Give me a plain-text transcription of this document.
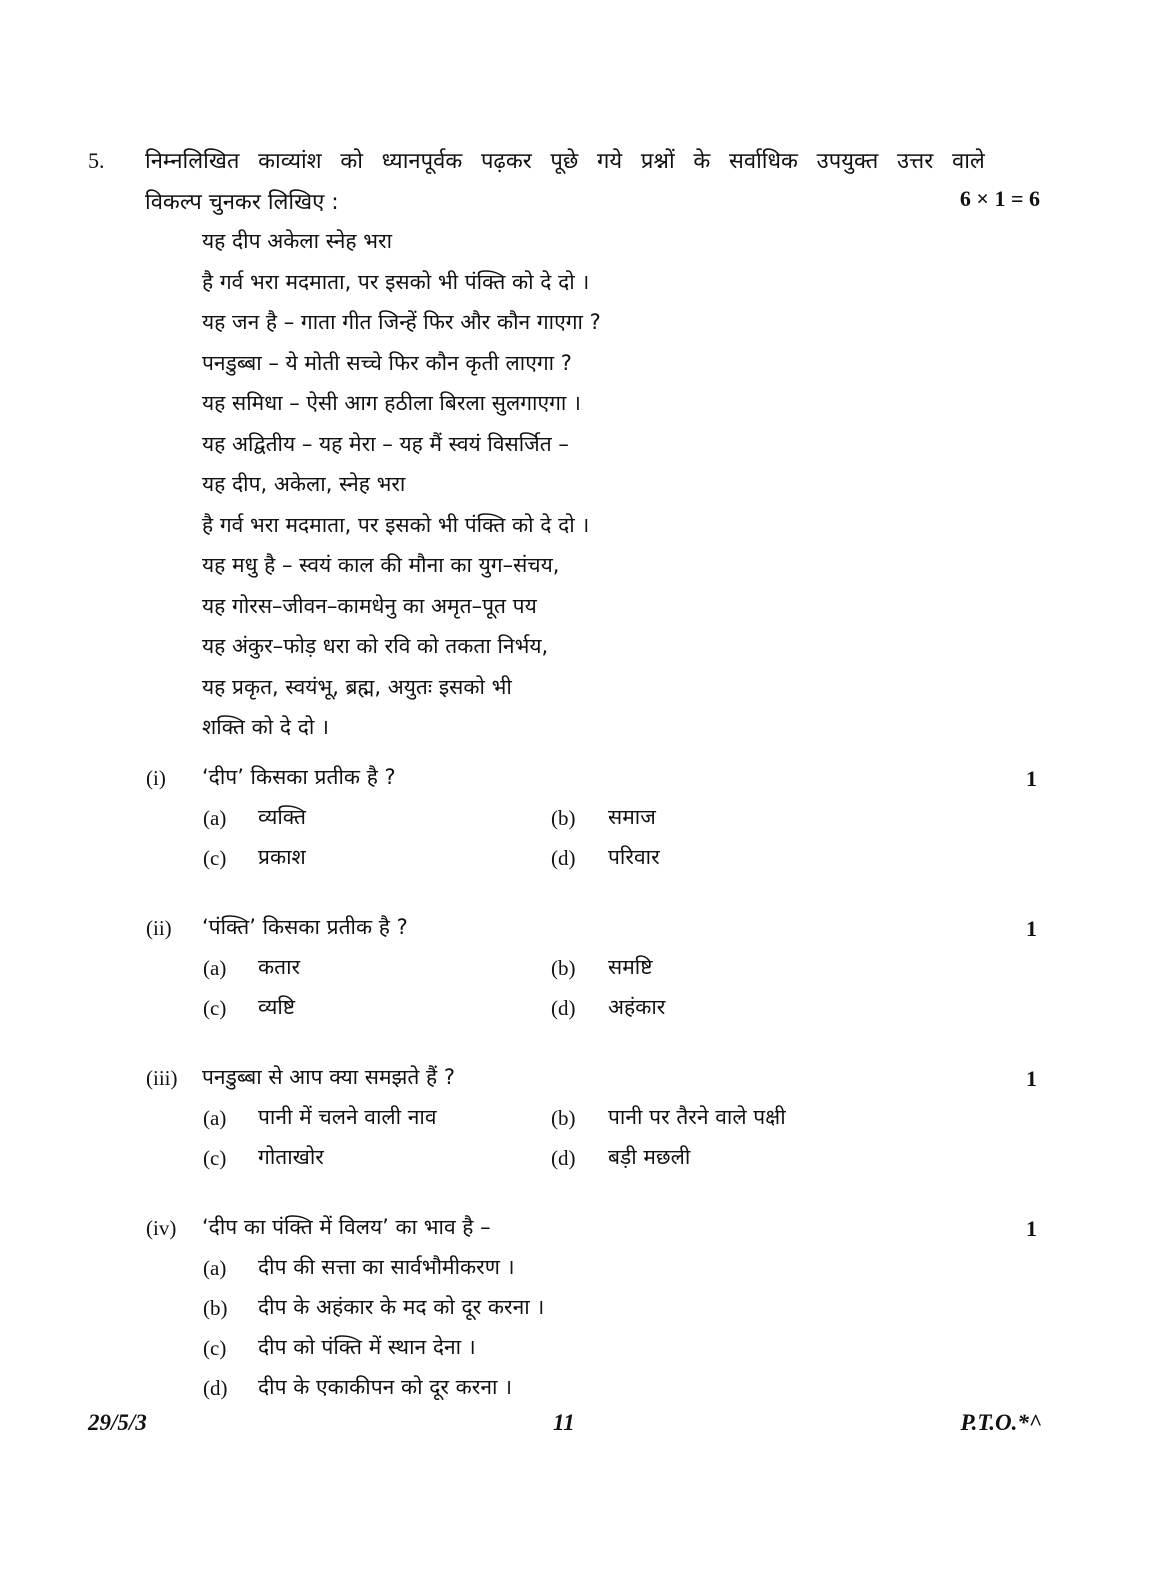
5. निम्नलिखित काव्यांश को ध्यानपूर्वक पढ़कर पूछे गये प्रश्नों के सर्वाधिक उपयुक्त उत्तर वाले
विकल्प चुनकर लिखिए :	6 × 1 = 6
यह दीप अकेला स्नेह भरा
है गर्व भरा मदमाता, पर इसको भी पंक्ति को दे दो ।
यह जन है – गाता गीत जिन्हें फिर और कौन गाएगा ?
पनडुब्बा – ये मोती सच्चे फिर कौन कृती लाएगा ?
यह समिधा – ऐसी आग हठीला बिरला सुलगाएगा ।
यह अद्वितीय – यह मेरा – यह मैं स्वयं विसर्जित –
यह दीप, अकेला, स्नेह भरा
है गर्व भरा मदमाता, पर इसको भी पंक्ति को दे दो ।
यह मधु है – स्वयं काल की मौना का युग–संचय,
यह गोरस–जीवन–कामधेनु का अमृत–पूत पय
यह अंकुर–फोड़ धरा को रवि को तकता निर्भय,
यह प्रकृत, स्वयंभू, ब्रह्म, अयुतः इसको भी
शक्ति को दे दो ।
(i) ‘दीप’ किसका प्रतीक है ?	1
(a) व्यक्ति	(b) समाज
(c) प्रकाश	(d) परिवार
(ii) ‘पंक्ति’ किसका प्रतीक है ?	1
(a) कतार	(b) समष्टि
(c) व्यष्टि	(d) अहंकार
(iii) पनडुब्बा से आप क्या समझते हैं ?	1
(a) पानी में चलने वाली नाव	(b) पानी पर तैरने वाले पक्षी
(c) गोताखोर	(d) बड़ी मछली
(iv) ‘दीप का पंक्ति में विलय’ का भाव है –	1
(a) दीप की सत्ता का सार्वभौमीकरण ।
(b) दीप के अहंकार के मद को दूर करना ।
(c) दीप को पंक्ति में स्थान देना ।
(d) दीप के एकाकीपन को दूर करना ।
29/5/3	11	P.T.O.*^
